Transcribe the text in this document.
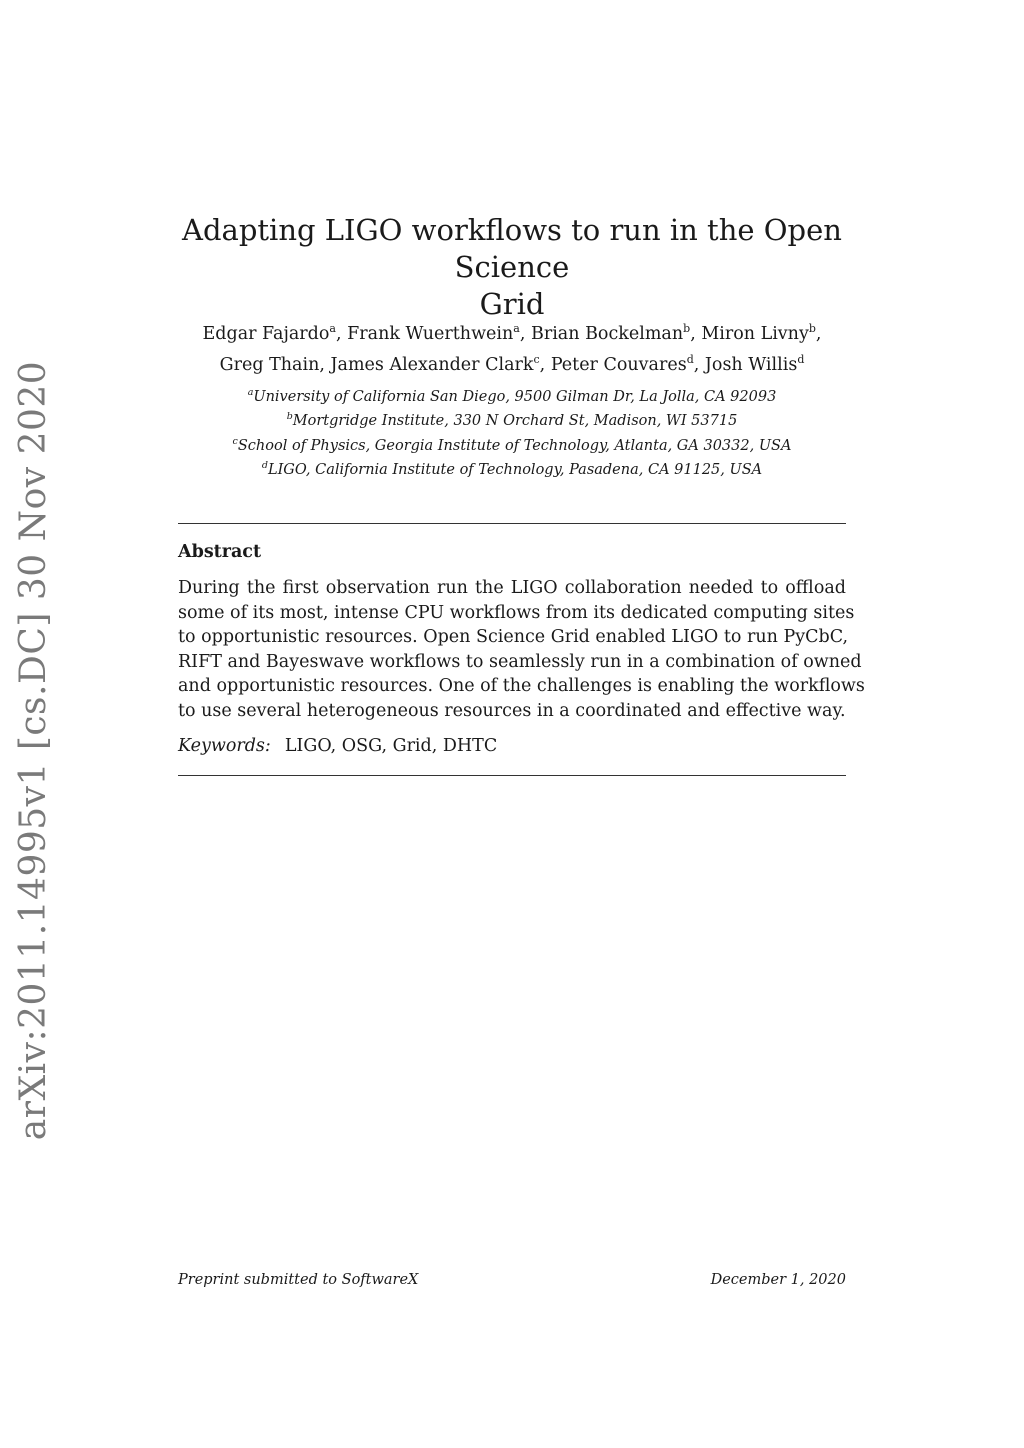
arXiv:2011.14995v1 [cs.DC] 30 Nov 2020
Adapting LIGO workflows to run in the Open Science
Grid
Edgar Fajardo$^a$, Frank Wuerthwein$^a$, Brian Bockelman$^b$, Miron Livny$^b$,
Greg Thain, James Alexander Clark$^c$, Peter Couvares$^d$, Josh Willis$^d$
$^a$University of California San Diego, 9500 Gilman Dr, La Jolla, CA 92093
$^b$Mortgridge Institute, 330 N Orchard St, Madison, WI 53715
$^c$School of Physics, Georgia Institute of Technology, Atlanta, GA 30332, USA
$^d$LIGO, California Institute of Technology, Pasadena, CA 91125, USA
Abstract

During the first observation run the LIGO collaboration needed to offload
some of its most, intense CPU workflows from its dedicated computing sites
to opportunistic resources. Open Science Grid enabled LIGO to run PyCbC,
RIFT and Bayeswave workflows to seamlessly run in a combination of owned
and opportunistic resources. One of the challenges is enabling the workflows
to use several heterogeneous resources in a coordinated and effective way.

Keywords: LIGO, OSG, Grid, DHTC
Preprint submitted to SoftwareX	December 1, 2020
